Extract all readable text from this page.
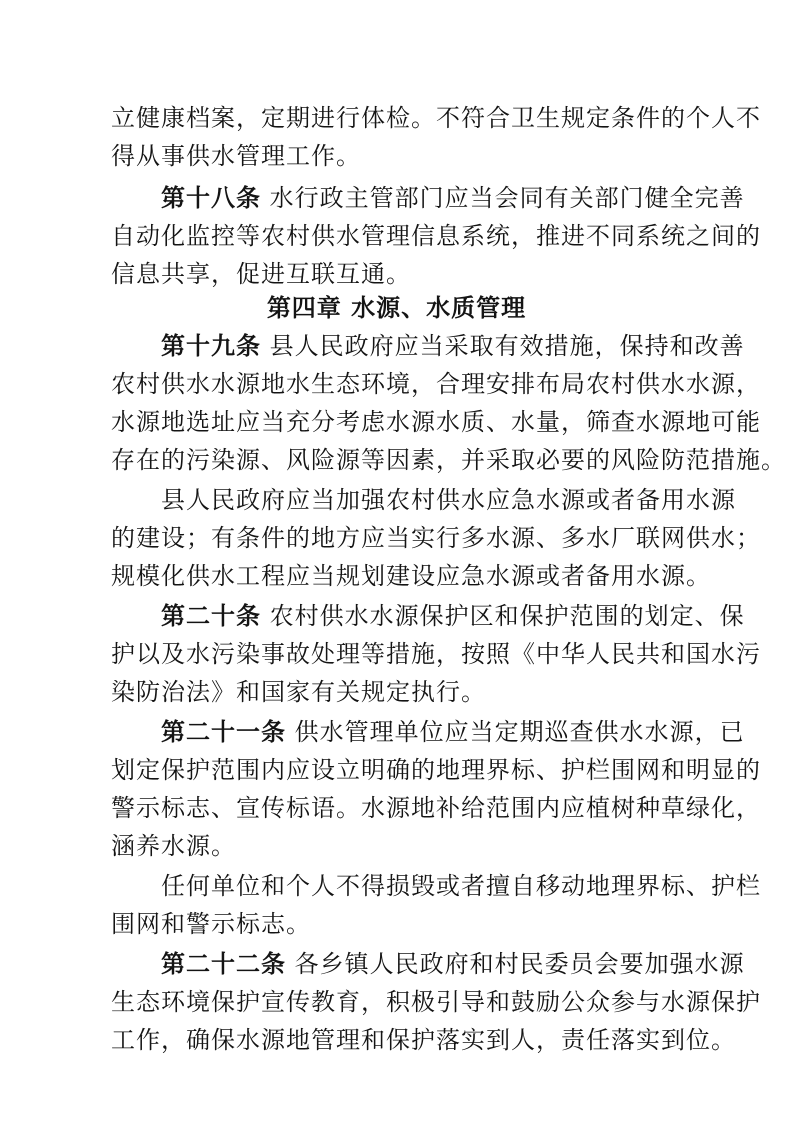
立健康档案，定期进行体检。不符合卫生规定条件的个人不
得从事供水管理工作。
第十八条 水行政主管部门应当会同有关部门健全完善
自动化监控等农村供水管理信息系统，推进不同系统之间的
信息共享，促进互联互通。
第四章 水源、水质管理
第十九条 县人民政府应当采取有效措施，保持和改善
农村供水水源地水生态环境，合理安排布局农村供水水源，
水源地选址应当充分考虑水源水质、水量，筛查水源地可能
存在的污染源、风险源等因素，并采取必要的风险防范措施。
县人民政府应当加强农村供水应急水源或者备用水源
的建设；有条件的地方应当实行多水源、多水厂联网供水；
规模化供水工程应当规划建设应急水源或者备用水源。
第二十条 农村供水水源保护区和保护范围的划定、保
护以及水污染事故处理等措施，按照《中华人民共和国水污
染防治法》和国家有关规定执行。
第二十一条 供水管理单位应当定期巡查供水水源，已
划定保护范围内应设立明确的地理界标、护栏围网和明显的
警示标志、宣传标语。水源地补给范围内应植树种草绿化，
涵养水源。
任何单位和个人不得损毁或者擅自移动地理界标、护栏
围网和警示标志。
第二十二条 各乡镇人民政府和村民委员会要加强水源
生态环境保护宣传教育，积极引导和鼓励公众参与水源保护
工作，确保水源地管理和保护落实到人，责任落实到位。
